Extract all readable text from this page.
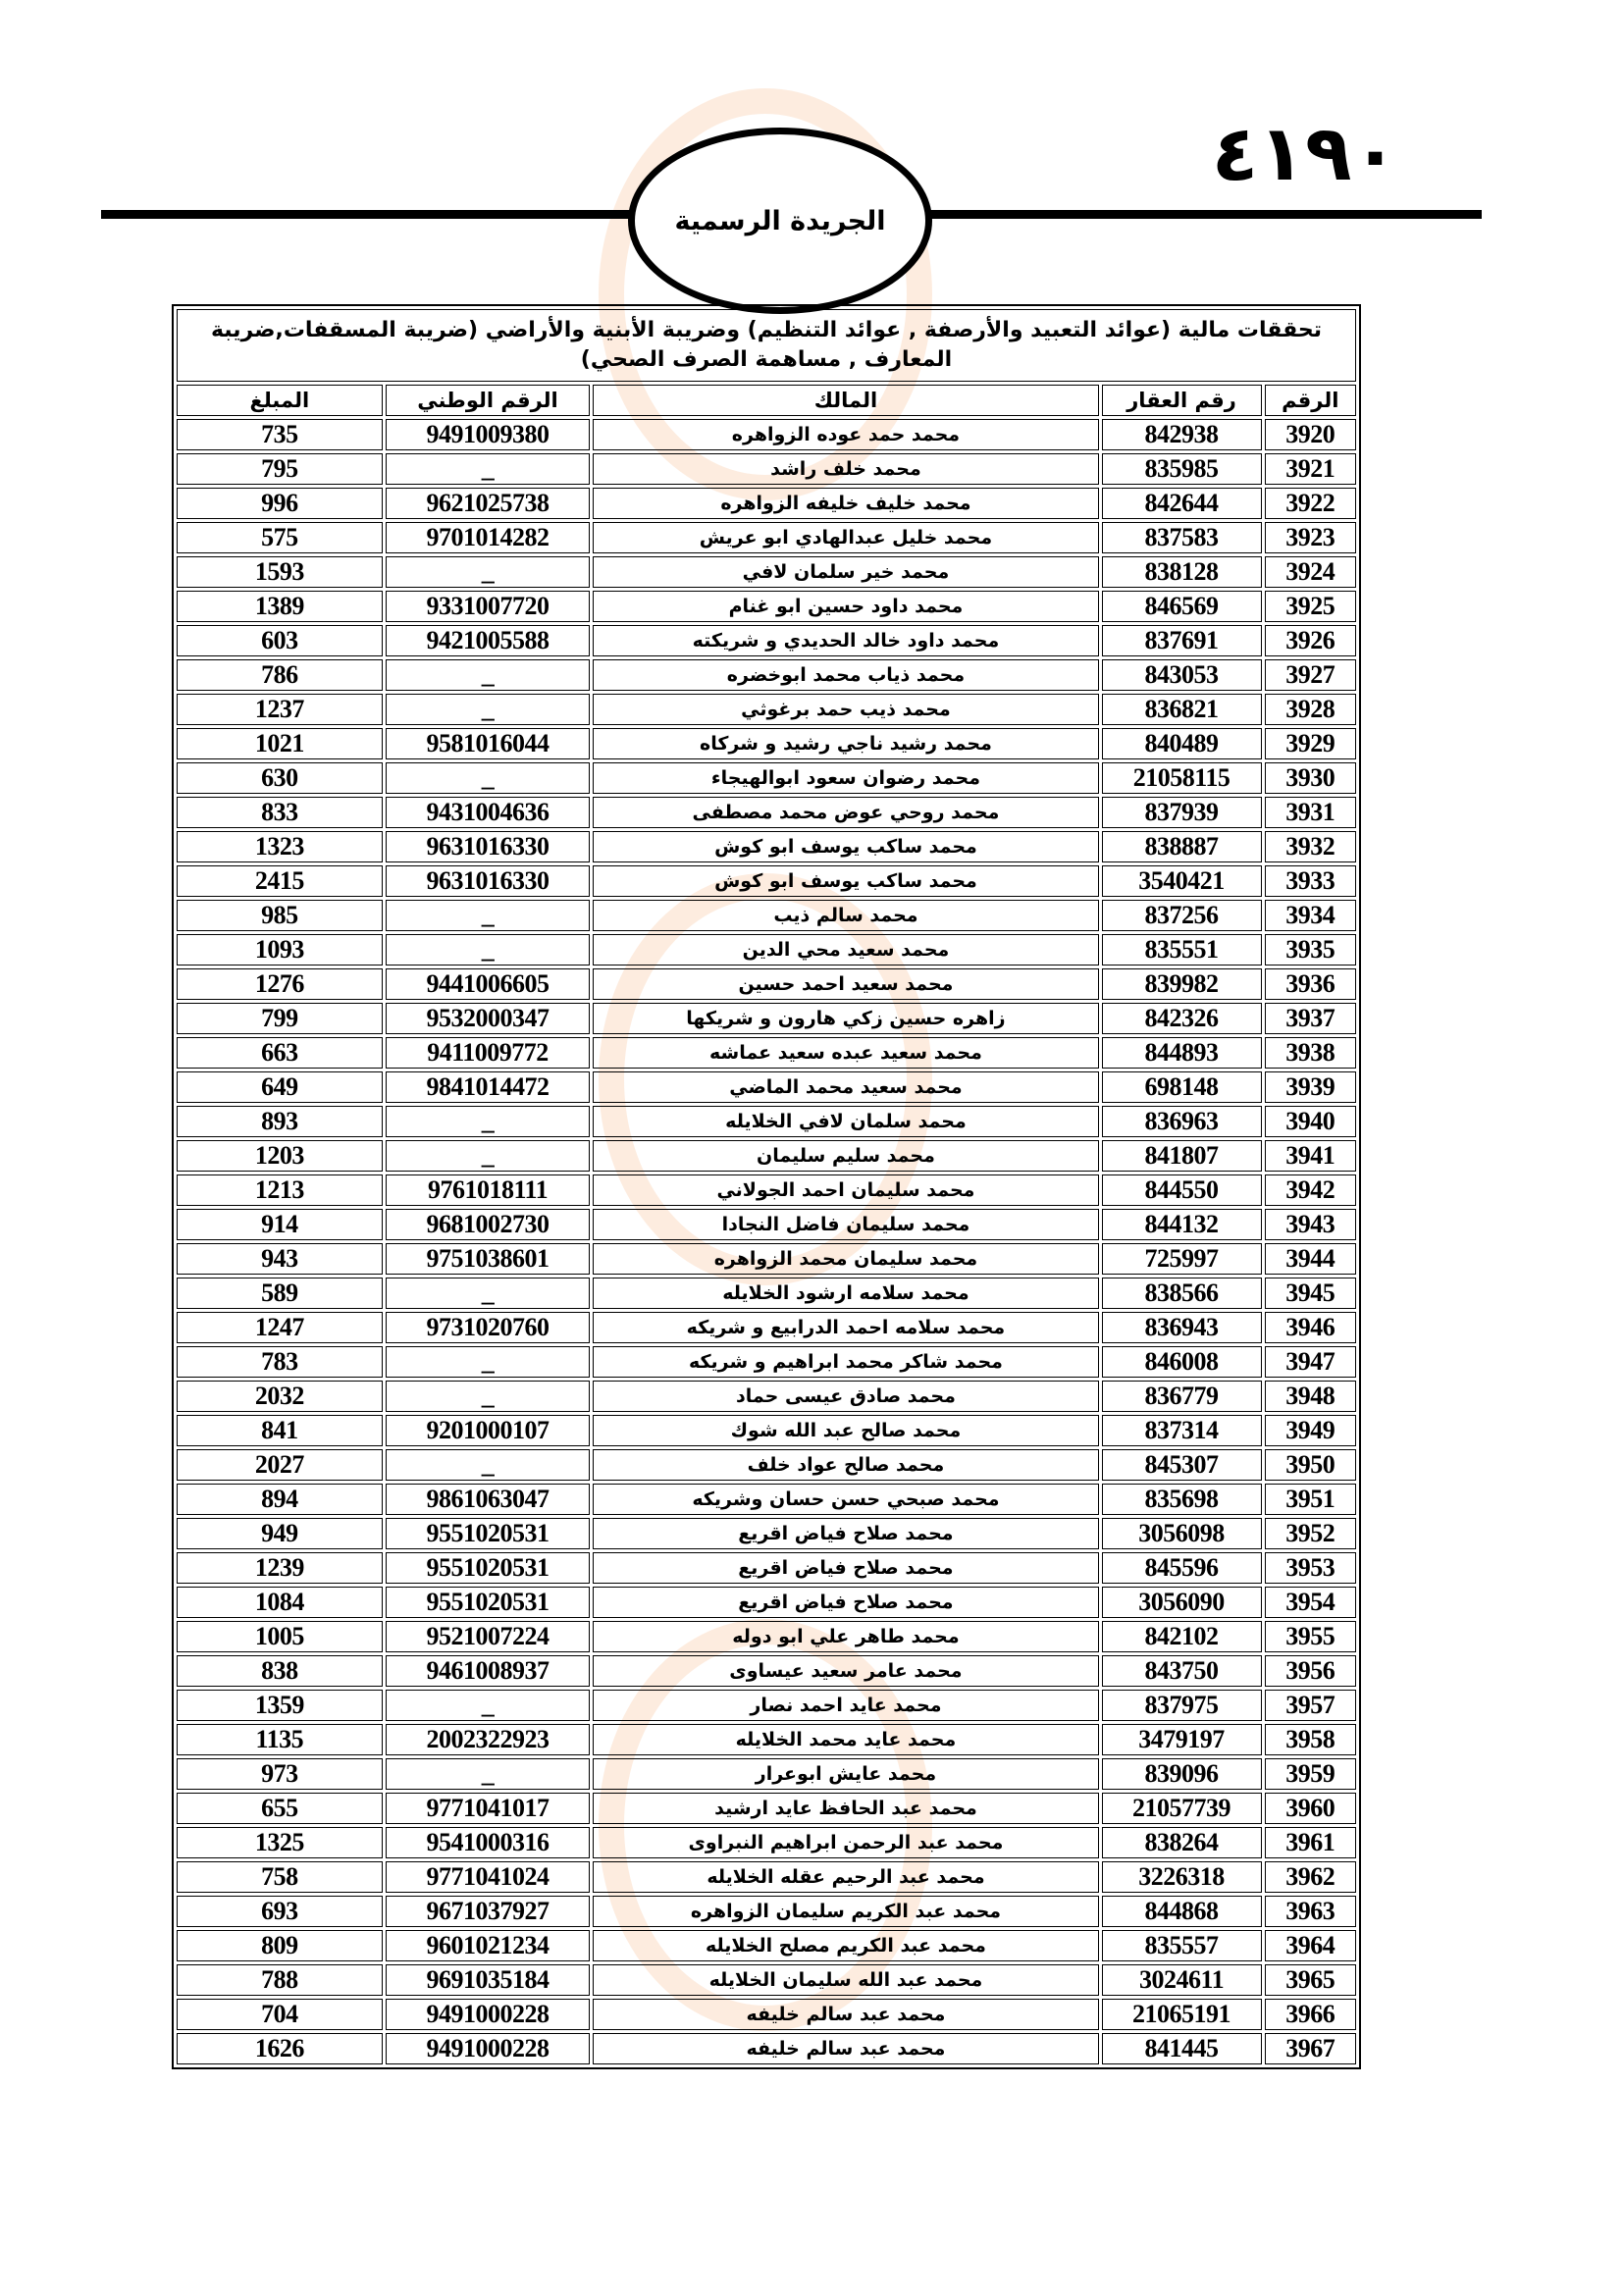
٤١٩٠
الجريدة الرسمية
تحققات مالية (عوائد التعبيد والأرصفة , عوائد التنظيم) وضريبة الأبنية والأراضي (ضريبة المسقفات,ضريبة المعارف , مساهمة الصرف الصحي)				

الرقم	رقم العقار	المالك	الرقم الوطني	المبلغ
3920	842938	محمد حمد عوده الزواهره	9491009380	735
3921	835985	محمد خلف راشد	_	795
3922	842644	محمد خليف خليفه الزواهره	9621025738	996
3923	837583	محمد خليل عبدالهادي ابو عريش	9701014282	575
3924	838128	محمد خير سلمان لافي	_	1593
3925	846569	محمد داود حسين ابو غنام	9331007720	1389
3926	837691	محمد داود خالد الحديدي و شريكته	9421005588	603
3927	843053	محمد ذياب محمد ابوخضره	_	786
3928	836821	محمد ذيب حمد برغوثي	_	1237
3929	840489	محمد رشيد ناجي رشيد و شركاه	9581016044	1021
3930	21058115	محمد رضوان سعود ابوالهيجاء	_	630
3931	837939	محمد روحي عوض محمد مصطفى	9431004636	833
3932	838887	محمد ساكب يوسف ابو كوش	9631016330	1323
3933	3540421	محمد ساكب يوسف ابو كوش	9631016330	2415
3934	837256	محمد سالم ذيب	_	985
3935	835551	محمد سعيد محي الدين	_	1093
3936	839982	محمد سعيد احمد حسين	9441006605	1276
3937	842326	زاهره حسين زكي هارون و شريكها	9532000347	799
3938	844893	محمد سعيد عبده سعيد عماشه	9411009772	663
3939	698148	محمد سعيد محمد الماضي	9841014472	649
3940	836963	محمد سلمان لافي الخلايله	_	893
3941	841807	محمد سليم سليمان	_	1203
3942	844550	محمد سليمان احمد الجولاني	9761018111	1213
3943	844132	محمد سليمان فاضل النجادا	9681002730	914
3944	725997	محمد سليمان محمد الزواهره	9751038601	943
3945	838566	محمد سلامه ارشود الخلايله	_	589
3946	836943	محمد سلامه احمد الدرابيع و شريكه	9731020760	1247
3947	846008	محمد شاكر محمد ابراهيم و شريكه	_	783
3948	836779	محمد صادق عيسى حماد	_	2032
3949	837314	محمد صالح عبد الله شوك	9201000107	841
3950	845307	محمد صالح عواد خلف	_	2027
3951	835698	محمد صبحي حسن حسان وشريكه	9861063047	894
3952	3056098	محمد صلاح فياض اقريع	9551020531	949
3953	845596	محمد صلاح فياض اقريع	9551020531	1239
3954	3056090	محمد صلاح فياض اقريع	9551020531	1084
3955	842102	محمد طاهر علي ابو دوله	9521007224	1005
3956	843750	محمد عامر سعيد عيساوى	9461008937	838
3957	837975	محمد عايد احمد نصار	_	1359
3958	3479197	محمد عايد محمد الخلايله	2002322923	1135
3959	839096	محمد عايش ابوعرار	_	973
3960	21057739	محمد عبد الحافظ عايد ارشيد	9771041017	655
3961	838264	محمد عبد الرحمن ابراهيم النبراوى	9541000316	1325
3962	3226318	محمد عبد الرحيم عقله الخلايله	9771041024	758
3963	844868	محمد عبد الكريم سليمان الزواهره	9671037927	693
3964	835557	محمد عبد الكريم مصلح الخلايله	9601021234	809
3965	3024611	محمد عبد الله سليمان الخلايله	9691035184	788
3966	21065191	محمد عبد سالم خليفه	9491000228	704
3967	841445	محمد عبد سالم خليفه	9491000228	1626
